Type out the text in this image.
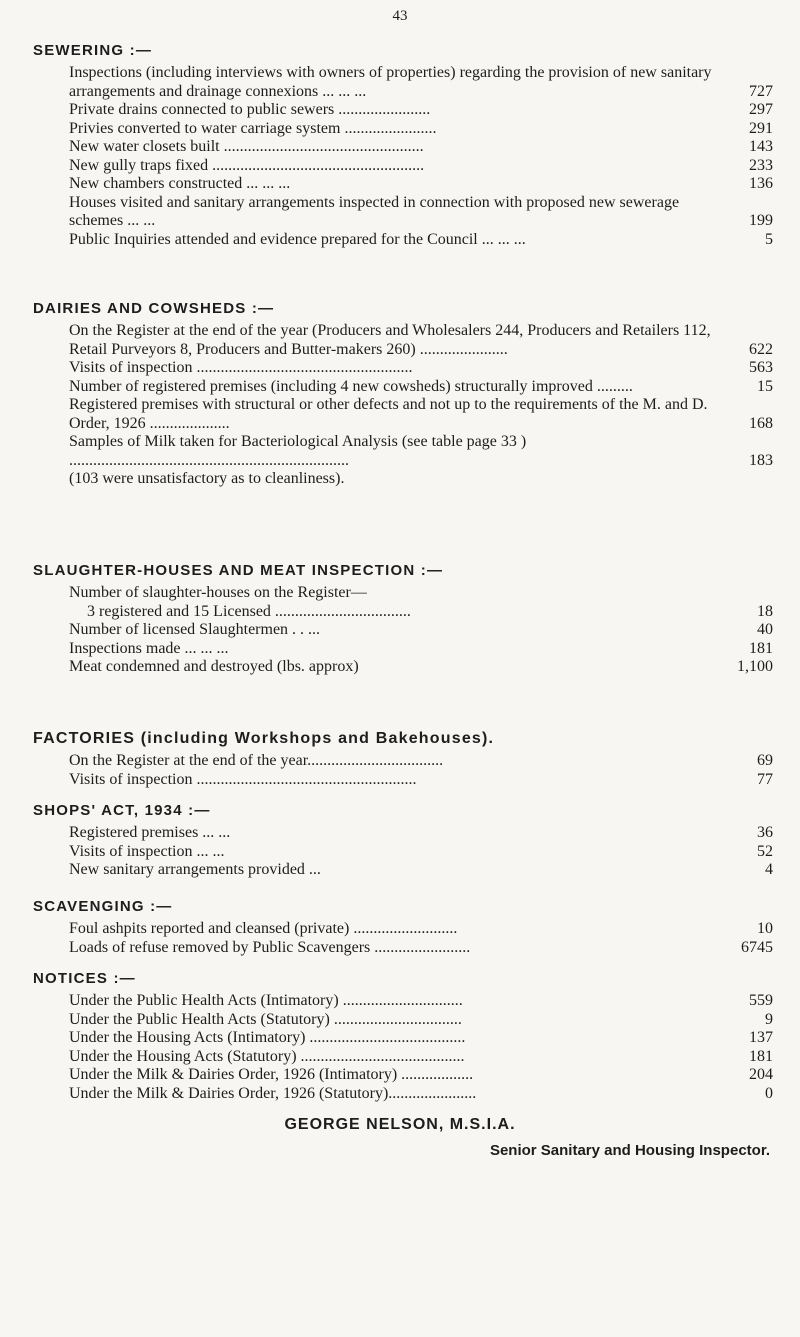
43
SEWERING :—
Inspections (including interviews with owners of properties) regarding the provision of new sanitary arrangements and drainage connexions ... ... ...	727
Private drains connected to public sewers .......................	297
Privies converted to water carriage system .......................	291
New water closets built ..................................................	143
New gully traps fixed .....................................................	233
New chambers constructed ... ... ...	136
Houses visited and sanitary arrangements inspected in connection with proposed new sewerage schemes ... ...	199
Public Inquiries attended and evidence prepared for the Council ... ... ...	5
DAIRIES AND COWSHEDS :—
On the Register at the end of the year (Producers and Wholesalers 244, Producers and Retailers 112, Retail Purveyors 8, Producers and Butter-makers 260) ......................	622
Visits of inspection ......................................................	563
Number of registered premises (including 4 new cowsheds) structurally improved .........	15
Registered premises with structural or other defects and not up to the requirements of the M. and D. Order, 1926 ....................	168
Samples of Milk taken for Bacteriological Analysis (see table page 33 ) ......................................................................	183
(103 were unsatisfactory as to cleanliness).
SLAUGHTER-HOUSES AND MEAT INSPECTION :—
Number of slaughter-houses on the Register—
3 registered and 15 Licensed ..................................	18
Number of licensed Slaughtermen . . ...	40
Inspections made ... ... ...	181
Meat condemned and destroyed (lbs. approx)	1,100
FACTORIES (including Workshops and Bakehouses).
On the Register at the end of the year..................................	69
Visits of inspection .......................................................	77
SHOPS' ACT, 1934 :—
Registered premises ... ...	36
Visits of inspection ... ...	52
New sanitary arrangements provided ...	4
SCAVENGING :—
Foul ashpits reported and cleansed (private) ..........................	10
Loads of refuse removed by Public Scavengers ........................	6745
NOTICES :—
Under the Public Health Acts (Intimatory) ..............................	559
Under the Public Health Acts (Statutory) ................................	9
Under the Housing Acts (Intimatory) .......................................	137
Under the Housing Acts (Statutory) .........................................	181
Under the Milk & Dairies Order, 1926 (Intimatory) ..................	204
Under the Milk & Dairies Order, 1926 (Statutory)......................	0
GEORGE NELSON, M.S.I.A.
Senior Sanitary and Housing Inspector.
